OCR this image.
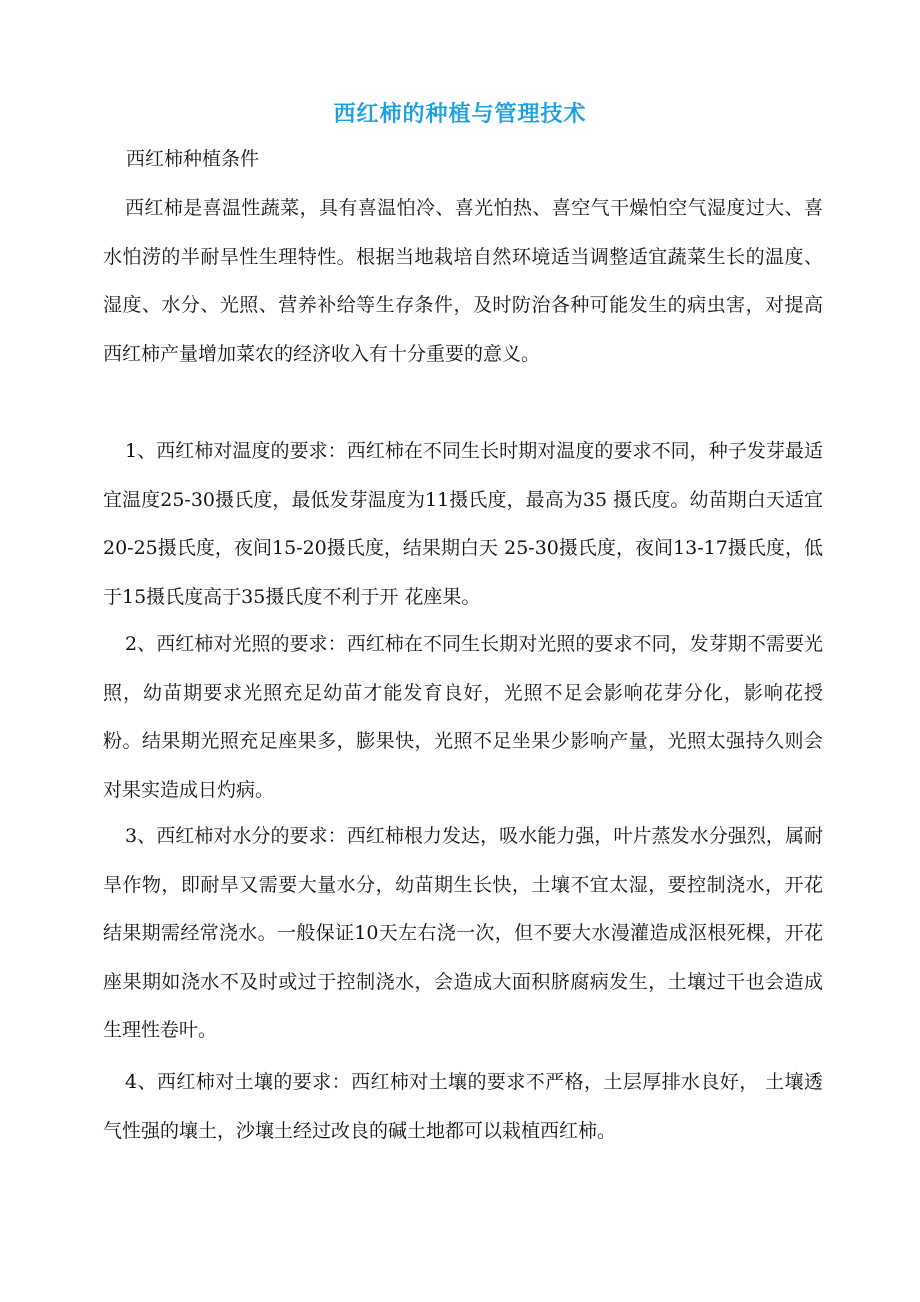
西红柿的种植与管理技术
西红柿种植条件

西红柿是喜温性蔬菜，具有喜温怕冷、喜光怕热、喜空气干燥怕空气湿度过大、喜水怕涝的半耐旱性生理特性。根据当地栽培自然环境适当调整适宜蔬菜生长的温度、湿度、水分、光照、营养补给等生存条件，及时防治各种可能发生的病虫害，对提高西红柿产量增加菜农的经济收入有十分重要的意义。

1、西红柿对温度的要求：西红柿在不同生长时期对温度的要求不同，种子发芽最适宜温度25-30摄氏度，最低发芽温度为11摄氏度，最高为35 摄氏度。幼苗期白天适宜20-25摄氏度，夜间15-20摄氏度，结果期白天 25-30摄氏度，夜间13-17摄氏度，低于15摄氏度高于35摄氏度不利于开 花座果。

2、西红柿对光照的要求：西红柿在不同生长期对光照的要求不同，发芽期不需要光照，幼苗期要求光照充足幼苗才能发育良好，光照不足会影响花芽分化，影响花授粉。结果期光照充足座果多，膨果快，光照不足坐果少影响产量，光照太强持久则会对果实造成日灼病。

3、西红柿对水分的要求：西红柿根力发达，吸水能力强，叶片蒸发水分强烈，属耐旱作物，即耐旱又需要大量水分，幼苗期生长快，土壤不宜太湿，要控制浇水，开花结果期需经常浇水。一般保证10天左右浇一次，但不要大水漫灌造成沤根死棵，开花座果期如浇水不及时或过于控制浇水，会造成大面积脐腐病发生，土壤过干也会造成生理性卷叶。

4、西红柿对土壤的要求：西红柿对土壤的要求不严格，土层厚排水良好， 土壤透气性强的壤土，沙壤土经过改良的碱土地都可以栽植西红柿。
